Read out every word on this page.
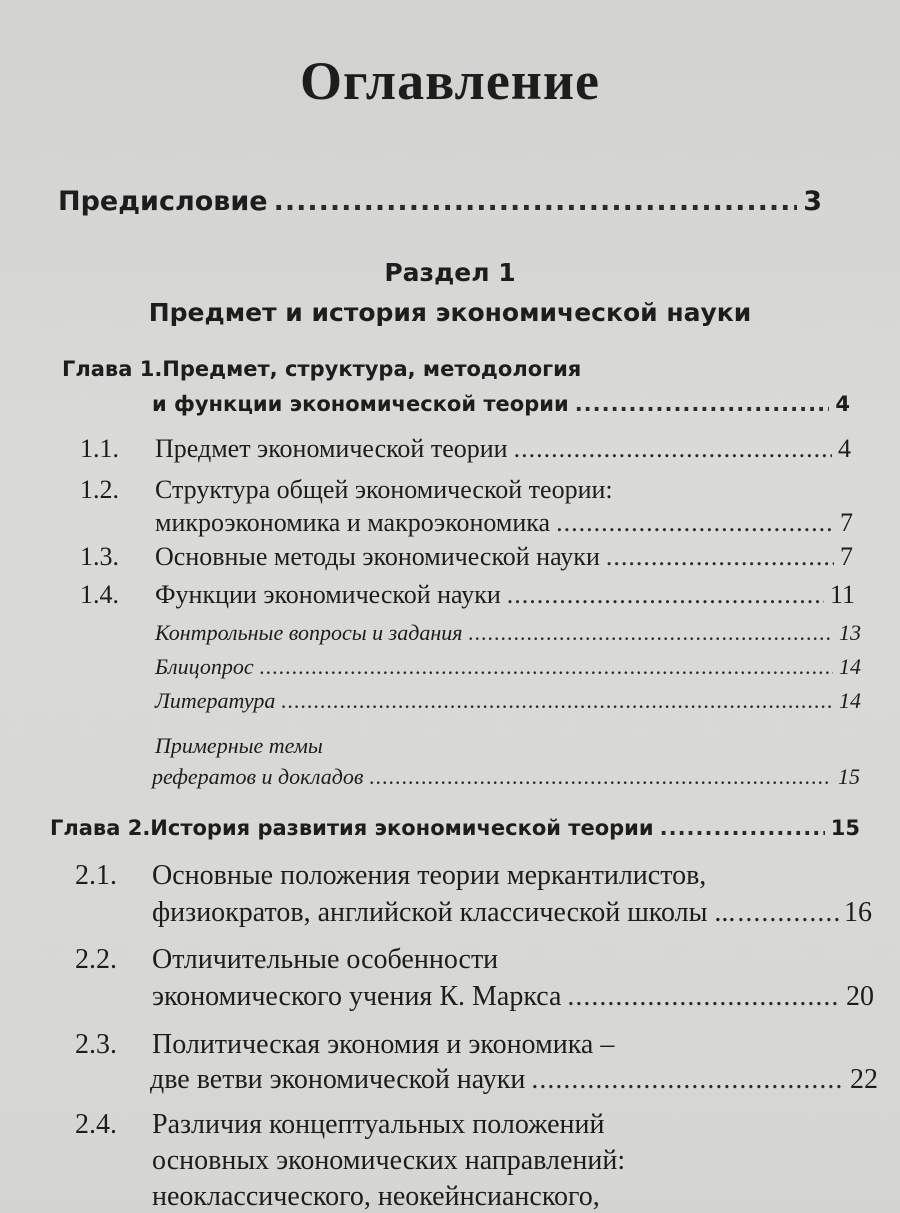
Оглавление
Предисловие .....	3
Раздел 1
Предмет и история экономической науки
Глава 1.Предмет, структура, методология
и функции экономической теории .....	4
1.1. Предмет экономической теории .....	4
1.2. Структура общей экономической теории:
микроэкономика и макроэкономика .....	7
1.3. Основные методы экономической науки .....	7
1.4. Функции экономической науки .....	11
Контрольные вопросы и задания .....	13
Блицопрос .....	14
Литература .....	14
Примерные темы
рефератов и докладов .....	15
Глава 2. История развития экономической теории .....	15
2.1. Основные положения теории меркантилистов,
физиократов, английской классической школы ... .....	16
2.2. Отличительные особенности
экономического учения К. Маркса .....	20
2.3. Политическая экономия и экономика –
две ветви экономической науки .....	22
2.4. Различия концептуальных положений
основных экономических направлений:
неоклассического, неокейнсианского,
